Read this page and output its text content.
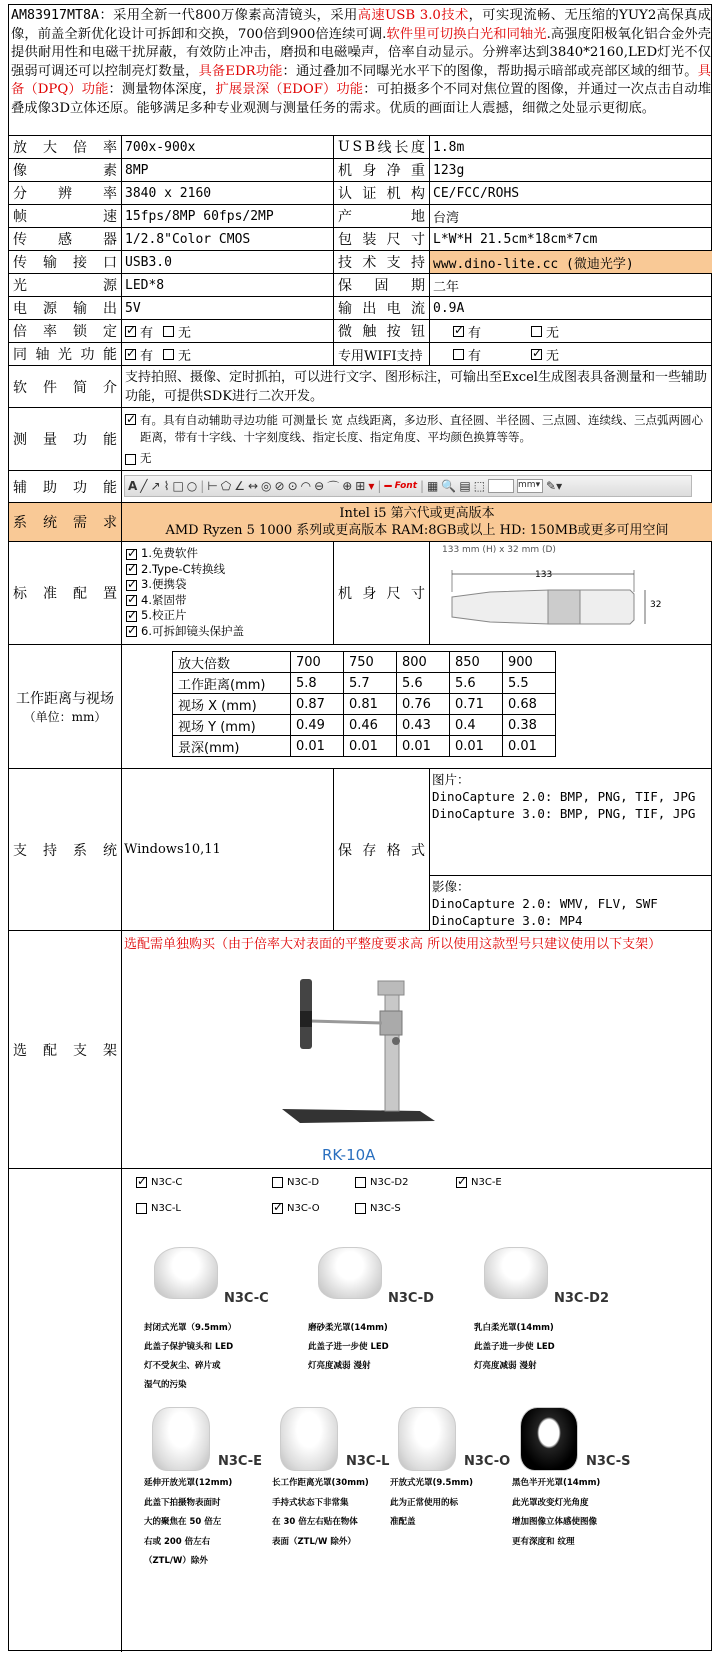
AM83917MT8A：采用全新一代800万像素高清镜头，采用高速USB 3.0技术，可实现流畅、无压缩的YUY2高保真成像，前盖全新优化设计可拆卸和交换，700倍到900倍连续可调.软件里可切换白光和同轴光.高强度阳极氧化铝合金外壳提供耐用性和电磁干扰屏蔽，有效防止冲击，磨损和电磁噪声，倍率自动显示。分辨率达到3840*2160,LED灯光不仅强弱可调还可以控制亮灯数量，具备EDR功能：通过叠加不同曝光水平下的图像，帮助揭示暗部或亮部区域的细节。具备（DPQ）功能：测量物体深度，扩展景深（EDOF）功能：可拍摄多个不同对焦位置的图像，并通过一次点击自动堆叠成像3D立体还原。能够满足多种专业观测与测量任务的需求。优质的画面让人震撼，细微之处显示更彻底。
放 大 倍 率 700x-900x	U S B 线 长 度 1.8m
像	素 8MP	机 身 净 重 123g
分 辨 率 3840 x 2160	认 证 机 构 CE/FCC/ROHS
帧	速 15fps/8MP 60fps/2MP	产	地 台湾
传 感 器 1/2.8"Color CMOS	包 装 尺 寸 L*W*H 21.5cm*18cm*7cm
传 输 接 口 USB3.0	技 术 支 持 www.dino-lite.cc (微迪光学)
光	源 LED*8	保 固 期 二年
电 源 输 出 5V	输 出 电 流 0.9A
倍 率 锁 定 ✓ 有 无	微 触 按 钮 ✓	有	无
同 轴 光 功 能 ✓ 有 无	专用WIFI支持	有 ✓	无
软 件 简 介
支持拍照、摄像、定时抓拍，可以进行文字、图形标注，可输出至Excel生成图表具备测量和一些辅助功能，可提供SDK进行二次开发。
测 量 功 能
✓
有。具有自动辅助寻边功能 可测量长 宽 点线距离，多边形、直径圆、半径圆、三点圆、连续线、三点弧两圆心距离，带有十字线、十字刻度线、指定长度、指定角度、平均颜色换算等等。
无
辅 助 功 能 A ╱ ↗ ⌇ □ ○ | ⊢ ⬠ ∠ ↔ ◎ ⊘ ⊙ ◠ ⊖ ⌒ ⊕ ⊞ ▾ | ━ Font | ▦ 🔍 ▤ ⬚	mm▾ ✎▾
系 统 需 求
Intel i5 第六代或更高版本
AMD Ryzen 5 1000 系列或更高版本 RAM:8GB或以上 HD: 150MB或更多可用空间
标 准 配 置
✓1.免费软件
✓2.Type-C转换线
✓3.便携袋
✓4.紧固带
✓5.校正片
✓6.可拆卸镜头保护盖
机 身 尺 寸
133 mm (H) x 32 mm (D)
133
32
工作距离与视场
（单位：mm）
放大倍数	700	750	800	850	900
工作距离(mm)	5.8	5.7	5.6	5.6	5.5
视场 X (mm)	0.87	0.81	0.76	0.71	0.68
视场 Y (mm)	0.49	0.46	0.43	0.4	0.38
景深(mm)	0.01	0.01	0.01	0.01	0.01
支 持 系 统 Windows10,11	保 存 格 式
图片：
DinoCapture 2.0: BMP, PNG, TIF, JPG
DinoCapture 3.0: BMP, PNG, TIF, JPG
影像：
DinoCapture 2.0: WMV, FLV, SWF
DinoCapture 3.0: MP4
选 配 支 架
选配需单独购买（由于倍率大对表面的平整度要求高 所以使用这款型号只建议使用以下支架）
RK-10A
✓
N3C-C	N3C-D	N3C-D2 ✓	N3C-E
N3C-L ✓	N3C-O	N3C-S
N3C-C
封闭式光罩（9.5mm）
此盖子保护镜头和 LED
灯不受灰尘、碎片或
湿气的污染
N3C-D
磨砂柔光罩(14mm)
此盖子进一步使 LED
灯亮度减弱 漫射
N3C-D2
乳白柔光罩(14mm)
此盖子进一步使 LED
灯亮度减弱 漫射
N3C-E
延伸开放光罩(12mm)
此盖下拍摄物表面时
大的聚焦在 50 倍左
右或 200 倍左右
（ZTL/W）除外
N3C-L
长工作距离光罩(30mm)
手持式状态下非常集
在 30 倍左右贴在物体
表面（ZTL/W 除外）
N3C-O
开放式光罩(9.5mm)
此为正常使用的标
准配盖
N3C-S
黑色半开光罩(14mm)
此光罩改变灯光角度
增加图像立体感使图像
更有深度和 纹理
